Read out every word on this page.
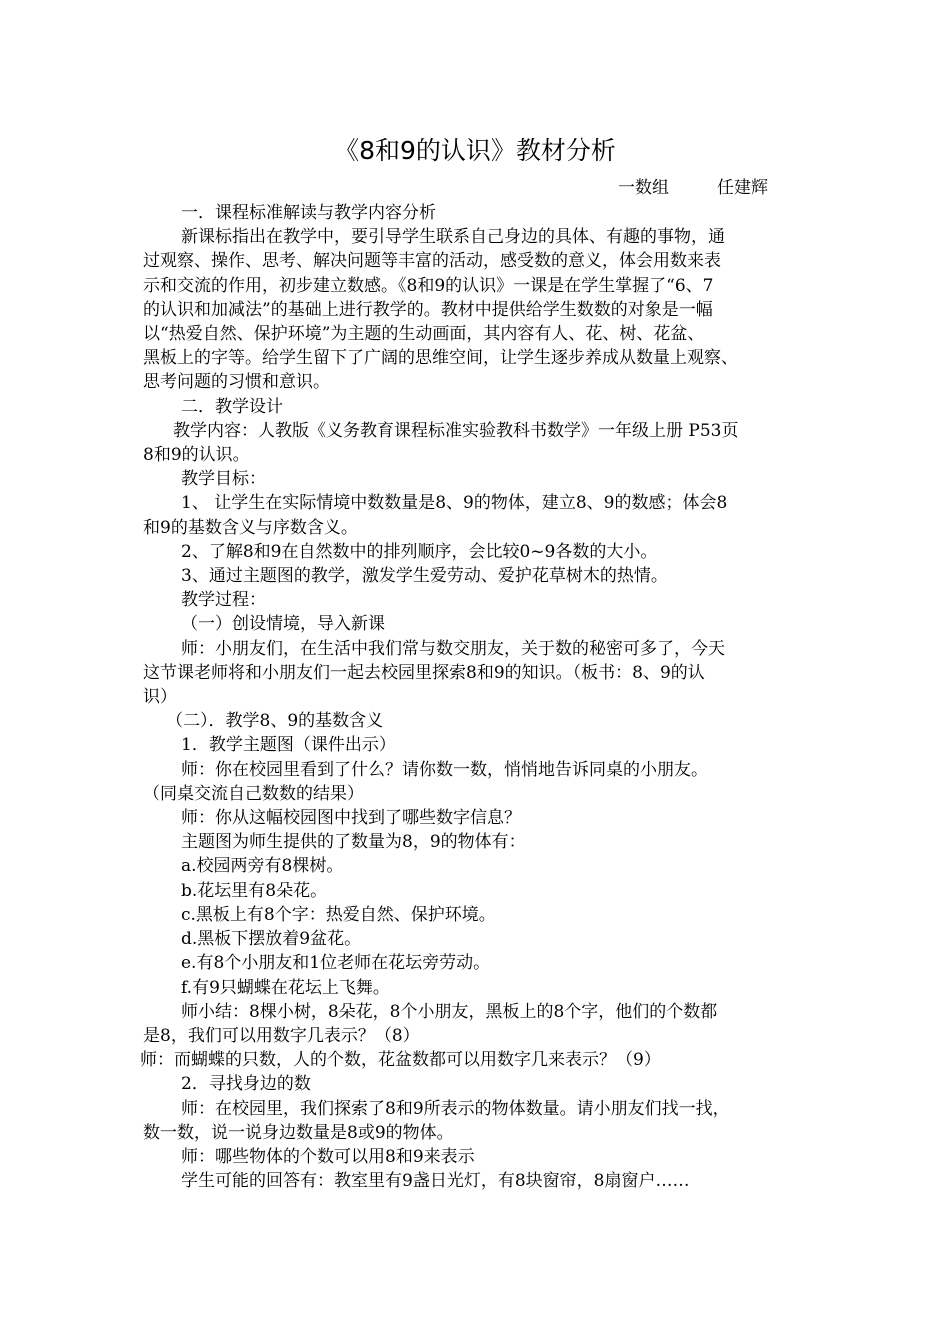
《8和9的认识》教材分析
一数组	任建辉

一．课程标准解读与教学内容分析

新课标指出在教学中，要引导学生联系自己身边的具体、有趣的事物，通

过观察、操作、思考、解决问题等丰富的活动，感受数的意义，体会用数来表

示和交流的作用，初步建立数感。《8和9的认识》一课是在学生掌握了“6、7

的认识和加减法”的基础上进行教学的。教材中提供给学生数数的对象是一幅

以“热爱自然、保护环境”为主题的生动画面，其内容有人、花、树、花盆、

黑板上的字等。给学生留下了广阔的思维空间，让学生逐步养成从数量上观察、

思考问题的习惯和意识。

二．教学设计

教学内容：人教版《义务教育课程标准实验教科书数学》一年级上册 P53页

8和9的认识。

教学目标：

1、 让学生在实际情境中数数量是8、9的物体，建立8、9的数感；体会8

和9的基数含义与序数含义。

2、了解8和9在自然数中的排列顺序，会比较0~9各数的大小。

3、通过主题图的教学，激发学生爱劳动、爱护花草树木的热情。

教学过程：

（一）创设情境，导入新课

师：小朋友们，在生活中我们常与数交朋友，关于数的秘密可多了，今天

这节课老师将和小朋友们一起去校园里探索8和9的知识。（板书：8、9的认

识）

（二）．教学8、9的基数含义

1．教学主题图（课件出示）

师：你在校园里看到了什么？请你数一数，悄悄地告诉同桌的小朋友。

（同桌交流自己数数的结果）

师：你从这幅校园图中找到了哪些数字信息？

主题图为师生提供的了数量为8，9的物体有：

a.校园两旁有8棵树。

b.花坛里有8朵花。

c.黑板上有8个字：热爱自然、保护环境。

d.黑板下摆放着9盆花。

e.有8个小朋友和1位老师在花坛旁劳动。

f.有9只蝴蝶在花坛上飞舞。

师小结：8棵小树，8朵花，8个小朋友，黑板上的8个字，他们的个数都

是8，我们可以用数字几表示？（8）

师：而蝴蝶的只数，人的个数，花盆数都可以用数字几来表示？（9）

2．寻找身边的数

师：在校园里，我们探索了8和9所表示的物体数量。请小朋友们找一找，

数一数，说一说身边数量是8或9的物体。

师：哪些物体的个数可以用8和9来表示

学生可能的回答有：教室里有9盏日光灯，有8块窗帘，8扇窗户……
